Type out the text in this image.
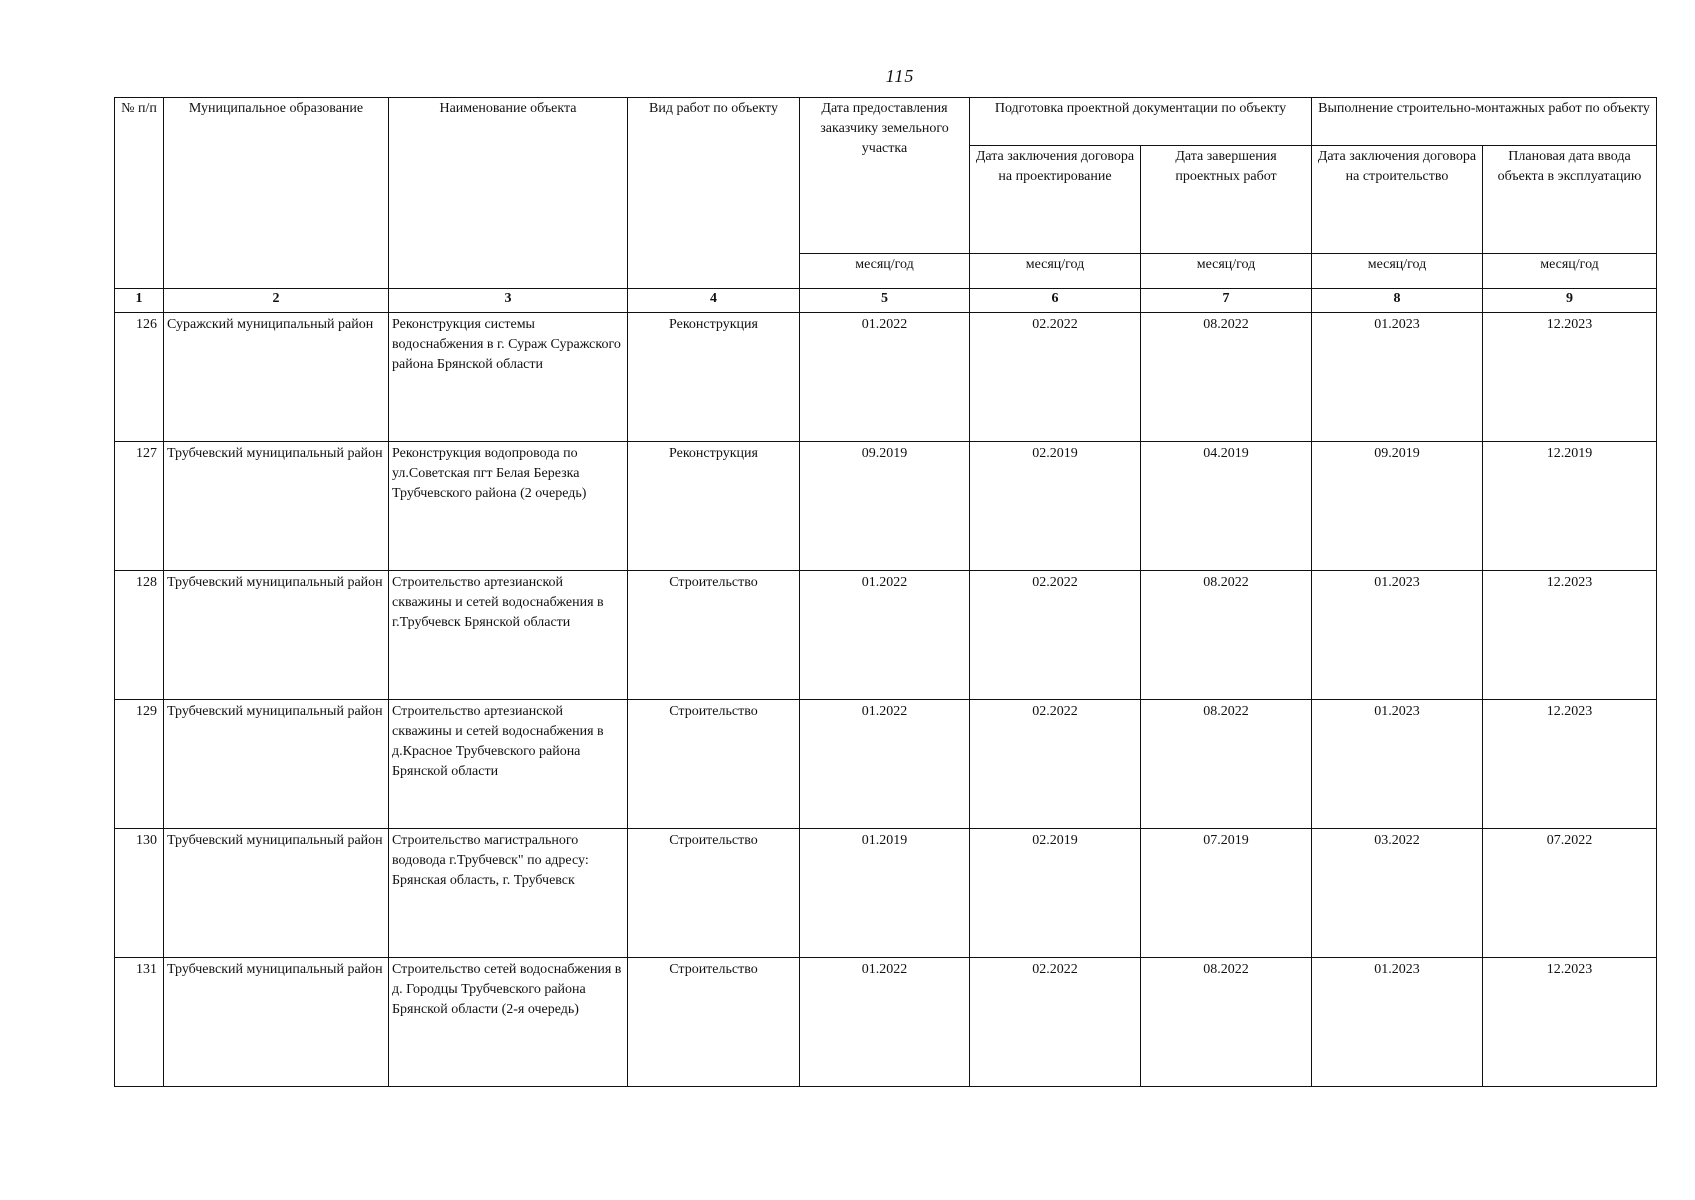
115
№ п/п	Муниципальное образование	Наименование объекта	Вид работ по объекту	Дата предоставления заказчику земельного участка	Подготовка проектной документации по объекту		Выполнение строительно-монтажных работ по объекту	
					Дата заключения договора на проектирование	Дата завершения проектных работ	Дата заключения договора на строительство	Плановая дата ввода объекта в эксплуатацию
				месяц/год	месяц/год	месяц/год	месяц/год	месяц/год
1	2	3	4	5	6	7	8	9
126	Суражский муниципальный район	Реконструкция системы водоснабжения в г. Сураж Суражского района Брянской области	Реконструкция	01.2022	02.2022	08.2022	01.2023	12.2023
127	Трубчевский муниципальный район	Реконструкция водопровода по ул.Советская пгт Белая Березка Трубчевского района (2 очередь)	Реконструкция	09.2019	02.2019	04.2019	09.2019	12.2019
128	Трубчевский муниципальный район	Строительство артезианской скважины и сетей водоснабжения в г.Трубчевск Брянской области	Строительство	01.2022	02.2022	08.2022	01.2023	12.2023
129	Трубчевский муниципальный район	Строительство артезианской скважины и сетей водоснабжения в д.Красное Трубчевского района Брянской области	Строительство	01.2022	02.2022	08.2022	01.2023	12.2023
130	Трубчевский муниципальный район	Строительство магистрального водовода г.Трубчевск" по адресу: Брянская область, г. Трубчевск	Строительство	01.2019	02.2019	07.2019	03.2022	07.2022
131	Трубчевский муниципальный район	Строительство сетей водоснабжения в д. Городцы Трубчевского района Брянской области (2-я очередь)	Строительство	01.2022	02.2022	08.2022	01.2023	12.2023
